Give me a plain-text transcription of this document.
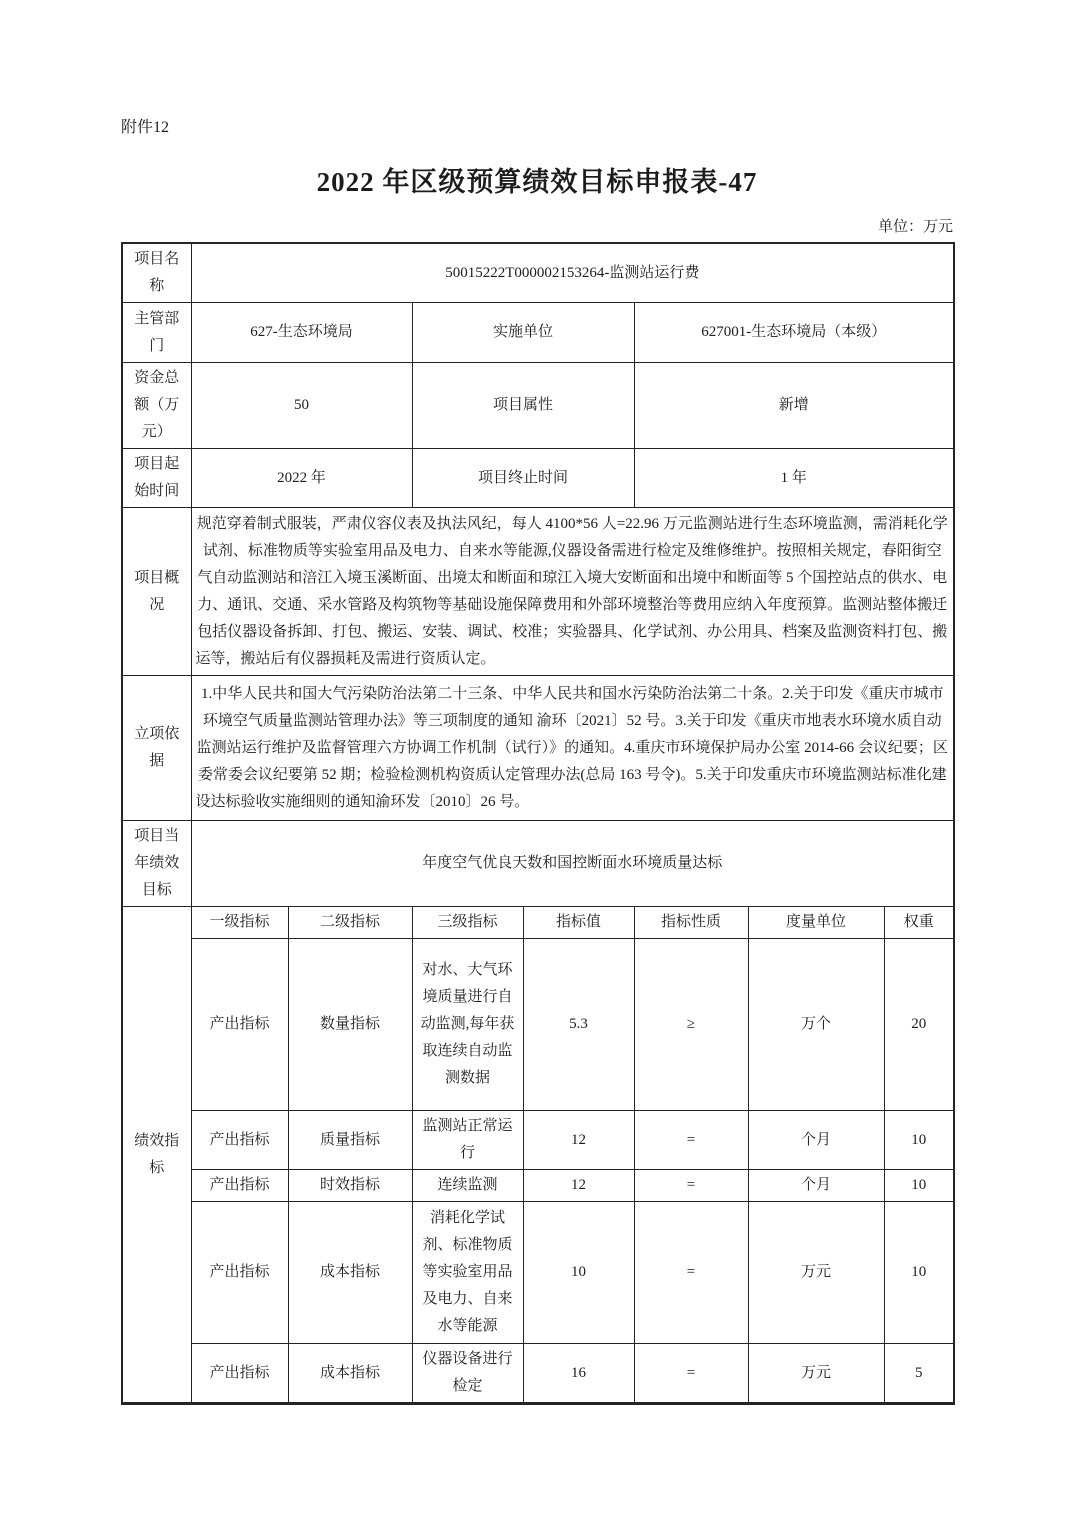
附件12
2022 年区级预算绩效目标申报表-47
单位：万元
项目名称	50015222T000002153264-监测站运行费						
主管部门	627-生态环境局		实施单位		627001-生态环境局（本级）		
资金总额（万元）	50		项目属性		新增		
项目起始时间	2022 年		项目终止时间		1 年		
项目概况	规范穿着制式服装，严肃仪容仪表及执法风纪，每人 4100*56 人=22.96 万元监测站进行生态环境监测，需消耗化学试剂、标准物质等实验室用品及电力、自来水等能源,仪器设备需进行检定及维修维护。按照相关规定，春阳街空气自动监测站和涪江入境玉溪断面、出境太和断面和琼江入境大安断面和出境中和断面等 5 个国控站点的供水、电力、通讯、交通、采水管路及构筑物等基础设施保障费用和外部环境整治等费用应纳入年度预算。监测站整体搬迁包括仪器设备拆卸、打包、搬运、安装、调试、校准；实验器具、化学试剂、办公用具、档案及监测资料打包、搬运等，搬站后有仪器损耗及需进行资质认定。						
立项依据	1.中华人民共和国大气污染防治法第二十三条、中华人民共和国水污染防治法第二十条。2.关于印发《重庆市城市环境空气质量监测站管理办法》等三项制度的通知 渝环〔2021〕52 号。3.关于印发《重庆市地表水环境水质自动监测站运行维护及监督管理六方协调工作机制（试行）》的通知。4.重庆市环境保护局办公室 2014-66 会议纪要；区委常委会议纪要第 52 期；检验检测机构资质认定管理办法(总局 163 号令)。5.关于印发重庆市环境监测站标准化建设达标验收实施细则的通知渝环发〔2010〕26 号。						
项目当年绩效目标	年度空气优良天数和国控断面水环境质量达标						
绩效指标	一级指标	二级指标	三级指标	指标值	指标性质	度量单位	权重
	产出指标	数量指标	对水、大气环境质量进行自动监测,每年获取连续自动监测数据	5.3	≥	万个	20
	产出指标	质量指标	监测站正常运行	12	=	个月	10
	产出指标	时效指标	连续监测	12	=	个月	10
	产出指标	成本指标	消耗化学试剂、标准物质等实验室用品及电力、自来水等能源	10	=	万元	10
	产出指标	成本指标	仪器设备进行检定	16	=	万元	5
